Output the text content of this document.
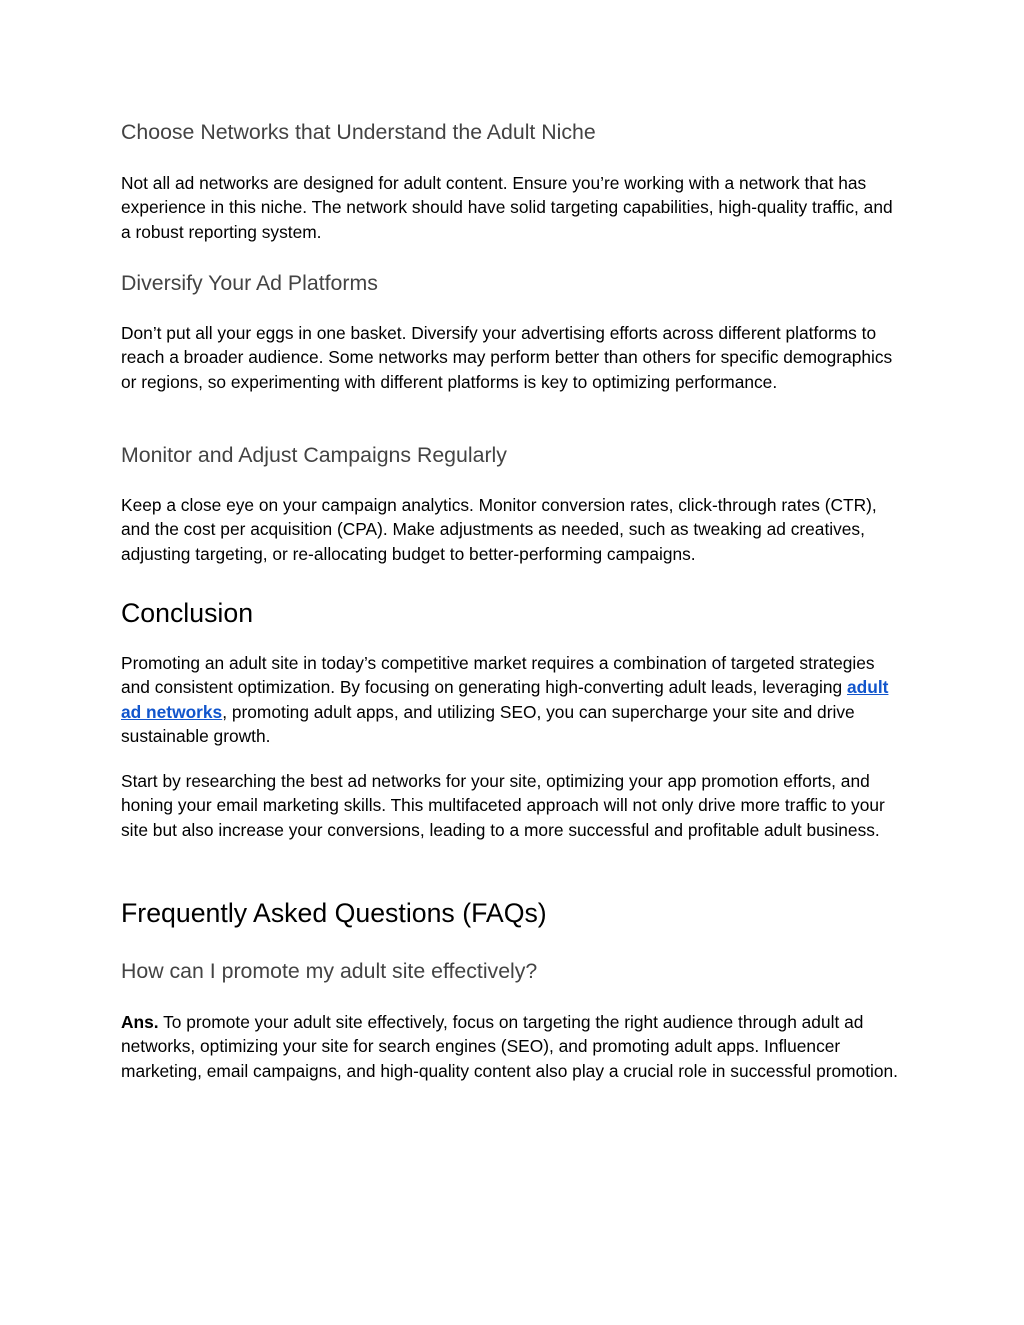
Choose Networks that Understand the Adult Niche

Not all ad networks are designed for adult content. Ensure you’re working with a network that has experience in this niche. The network should have solid targeting capabilities, high-quality traffic, and a robust reporting system.

Diversify Your Ad Platforms

Don’t put all your eggs in one basket. Diversify your advertising efforts across different platforms to reach a broader audience. Some networks may perform better than others for specific demographics or regions, so experimenting with different platforms is key to optimizing performance.

Monitor and Adjust Campaigns Regularly

Keep a close eye on your campaign analytics. Monitor conversion rates, click-through rates (CTR), and the cost per acquisition (CPA). Make adjustments as needed, such as tweaking ad creatives, adjusting targeting, or re-allocating budget to better-performing campaigns.

Conclusion

Promoting an adult site in today’s competitive market requires a combination of targeted strategies and consistent optimization. By focusing on generating high-converting adult leads, leveraging adult ad networks, promoting adult apps, and utilizing SEO, you can supercharge your site and drive sustainable growth.

Start by researching the best ad networks for your site, optimizing your app promotion efforts, and honing your email marketing skills. This multifaceted approach will not only drive more traffic to your site but also increase your conversions, leading to a more successful and profitable adult business.

Frequently Asked Questions (FAQs)
How can I promote my adult site effectively?

Ans. To promote your adult site effectively, focus on targeting the right audience through adult ad networks, optimizing your site for search engines (SEO), and promoting adult apps. Influencer marketing, email campaigns, and high-quality content also play a crucial role in successful promotion.
